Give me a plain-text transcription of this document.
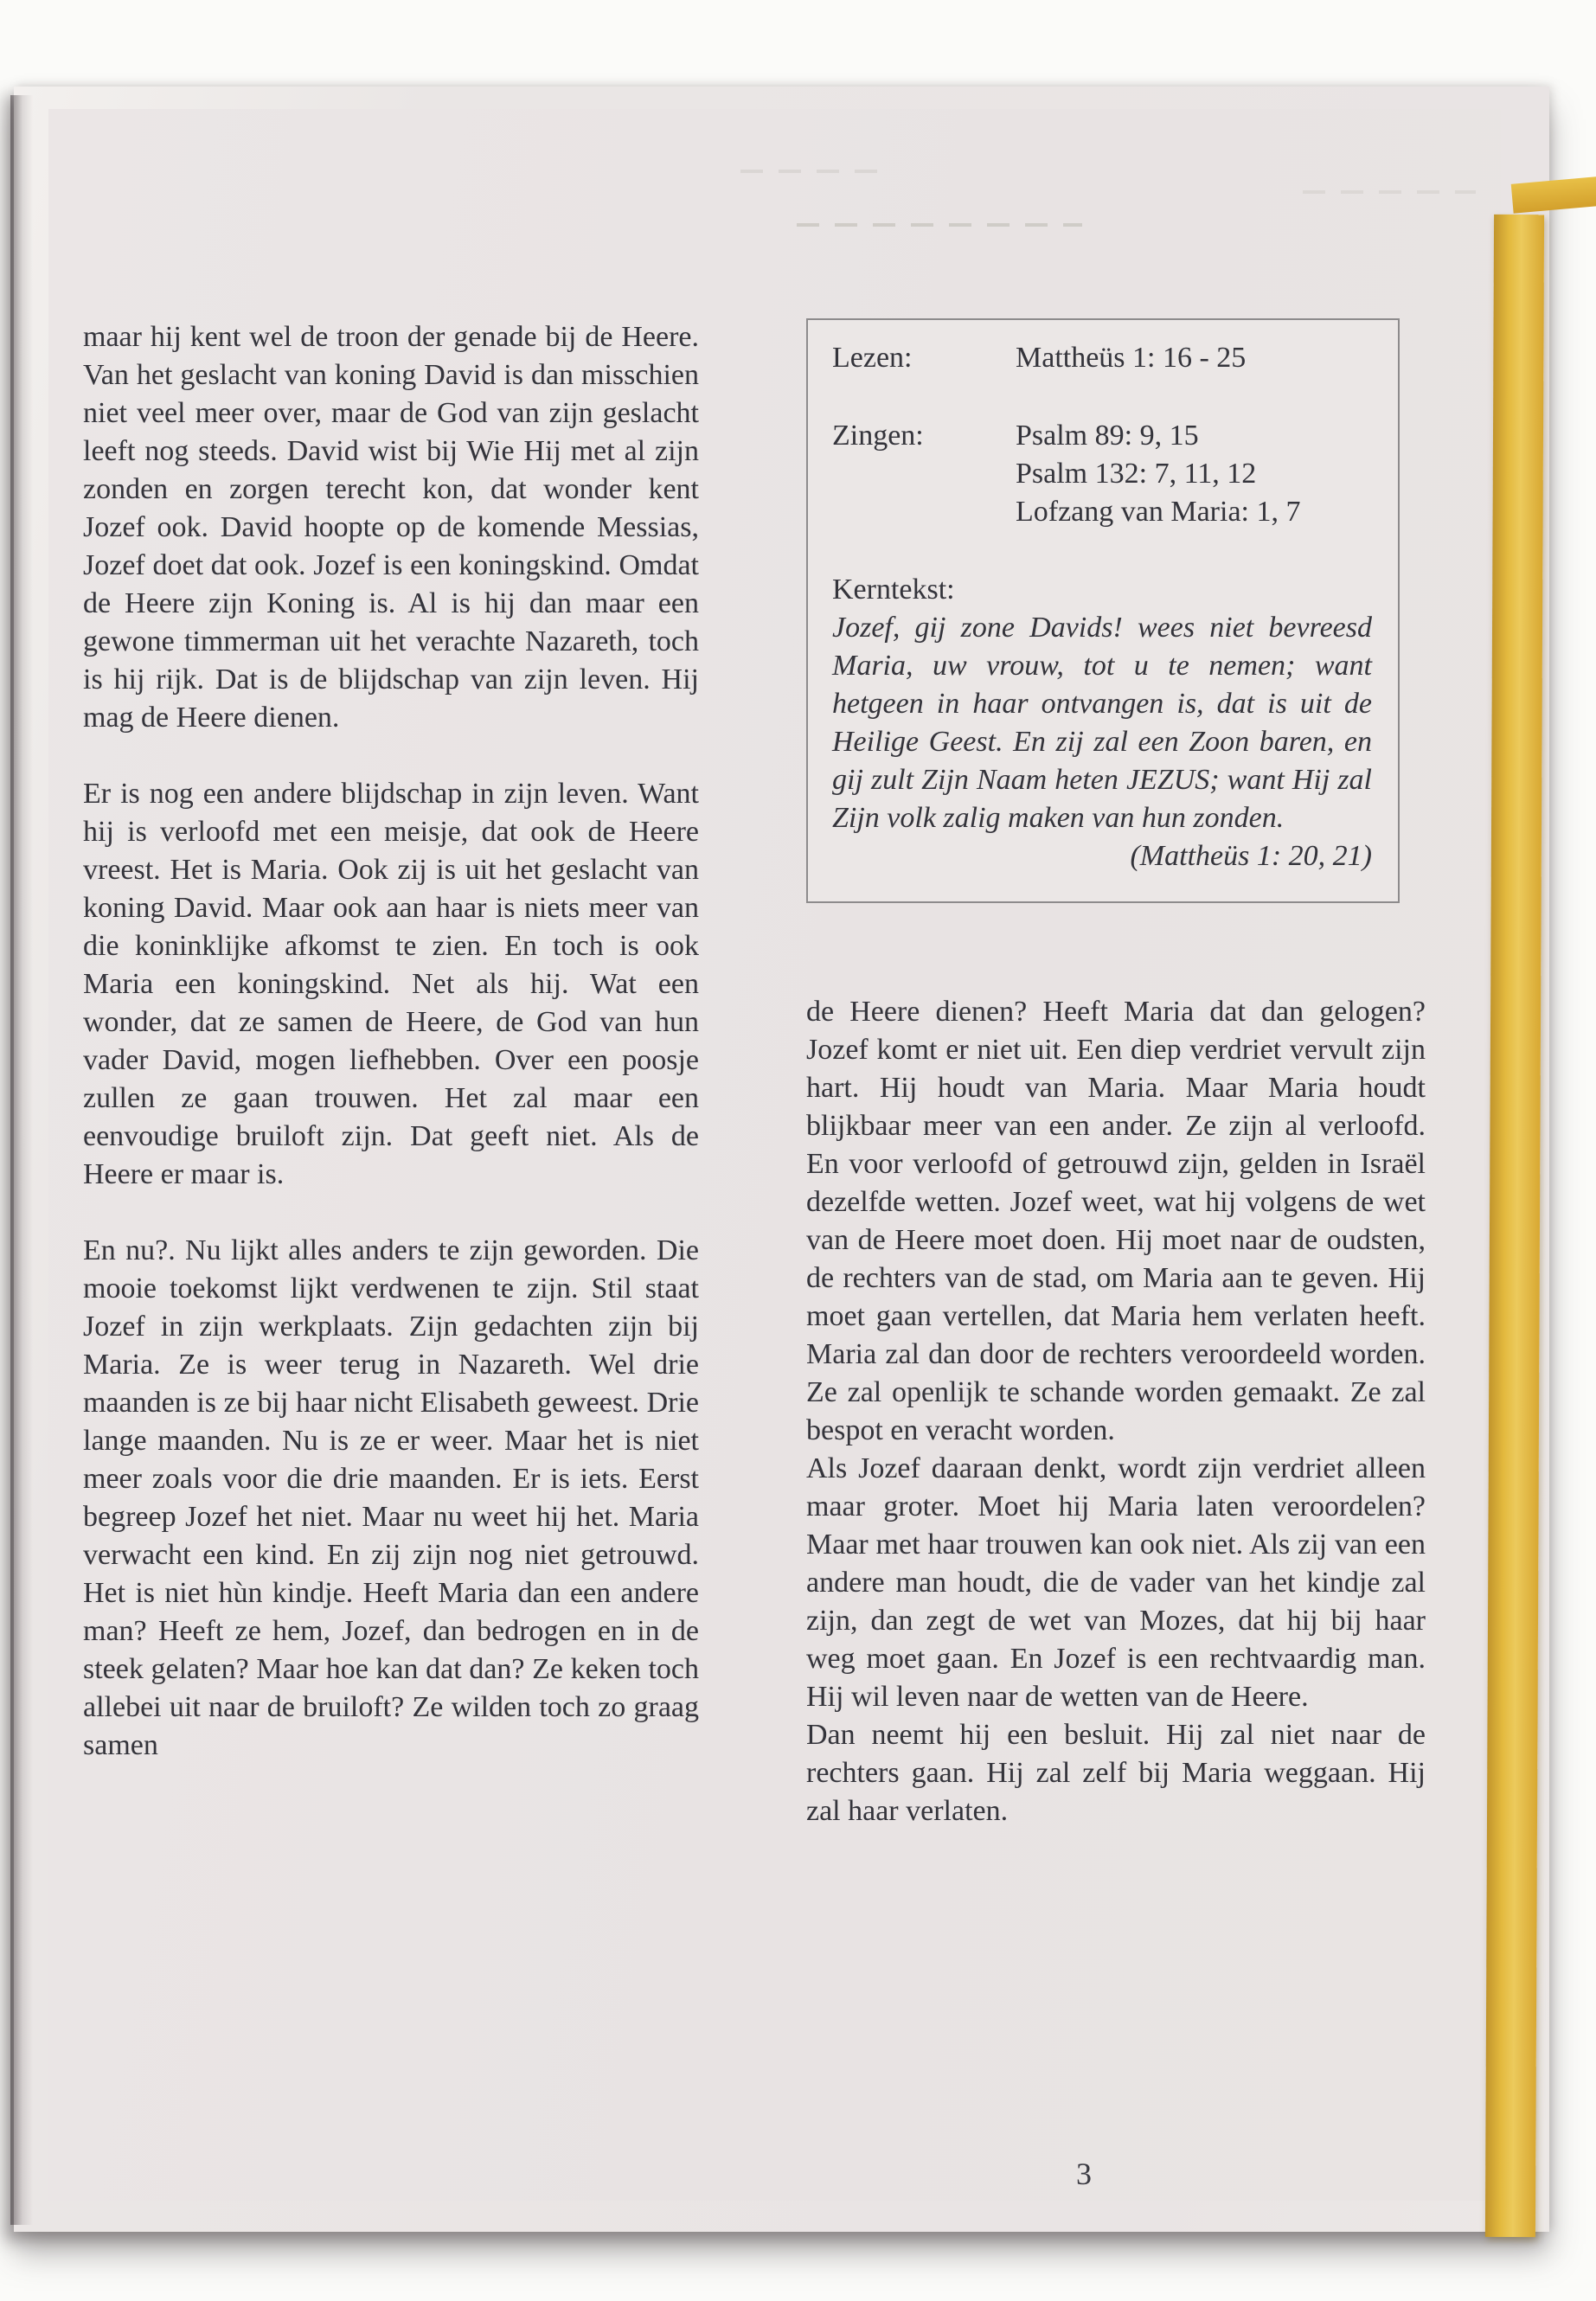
maar hij kent wel de troon der genade bij de Heere. Van het geslacht van koning David is dan misschien niet veel meer over, maar de God van zijn geslacht leeft nog steeds. David wist bij Wie Hij met al zijn zonden en zorgen terecht kon, dat wonder kent Jozef ook. David hoopte op de komende Messias, Jozef doet dat ook. Jozef is een koningskind. Omdat de Heere zijn Koning is. Al is hij dan maar een gewone timmerman uit het verachte Nazareth, toch is hij rijk. Dat is de blijdschap van zijn leven. Hij mag de Heere dienen.

Er is nog een andere blijdschap in zijn leven. Want hij is verloofd met een meisje, dat ook de Heere vreest. Het is Maria. Ook zij is uit het geslacht van koning David. Maar ook aan haar is niets meer van die koninklijke afkomst te zien. En toch is ook Maria een koningskind. Net als hij. Wat een wonder, dat ze samen de Heere, de God van hun vader David, mogen liefhebben. Over een poosje zullen ze gaan trouwen. Het zal maar een eenvoudige bruiloft zijn. Dat geeft niet. Als de Heere er maar is.

En nu?. Nu lijkt alles anders te zijn geworden. Die mooie toekomst lijkt verdwenen te zijn. Stil staat Jozef in zijn werkplaats. Zijn gedachten zijn bij Maria. Ze is weer terug in Nazareth. Wel drie maanden is ze bij haar nicht Elisabeth geweest. Drie lange maanden. Nu is ze er weer. Maar het is niet meer zoals voor die drie maanden. Er is iets. Eerst begreep Jozef het niet. Maar nu weet hij het. Maria verwacht een kind. En zij zijn nog niet getrouwd. Het is niet hùn kindje. Heeft Maria dan een andere man? Heeft ze hem, Jozef, dan bedrogen en in de steek gelaten? Maar hoe kan dat dan? Ze keken toch allebei uit naar de bruiloft? Ze wilden toch zo graag samen

Lezen:	Mattheüs 1: 16 - 25
Zingen:	Psalm 89: 9, 15
Psalm 132: 7, 11, 12
Lofzang van Maria: 1, 7
Kerntekst:

Jozef, gij zone Davids! wees niet bevreesd Maria, uw vrouw, tot u te nemen; want hetgeen in haar ontvangen is, dat is uit de Heilige Geest. En zij zal een Zoon baren, en gij zult Zijn Naam heten JEZUS; want Hij zal Zijn volk zalig maken van hun zonden.

(Mattheüs 1: 20, 21)

de Heere dienen? Heeft Maria dat dan gelogen? Jozef komt er niet uit. Een diep verdriet vervult zijn hart. Hij houdt van Maria. Maar Maria houdt blijkbaar meer van een ander. Ze zijn al verloofd. En voor verloofd of getrouwd zijn, gelden in Israël dezelfde wetten. Jozef weet, wat hij volgens de wet van de Heere moet doen. Hij moet naar de oudsten, de rechters van de stad, om Maria aan te geven. Hij moet gaan vertellen, dat Maria hem verlaten heeft. Maria zal dan door de rechters veroordeeld worden. Ze zal openlijk te schande worden gemaakt. Ze zal bespot en veracht worden.

Als Jozef daaraan denkt, wordt zijn verdriet alleen maar groter. Moet hij Maria laten veroordelen? Maar met haar trouwen kan ook niet. Als zij van een andere man houdt, die de vader van het kindje zal zijn, dan zegt de wet van Mozes, dat hij bij haar weg moet gaan. En Jozef is een rechtvaardig man. Hij wil leven naar de wetten van de Heere.

Dan neemt hij een besluit. Hij zal niet naar de rechters gaan. Hij zal zelf bij Maria weggaan. Hij zal haar verlaten.

3
